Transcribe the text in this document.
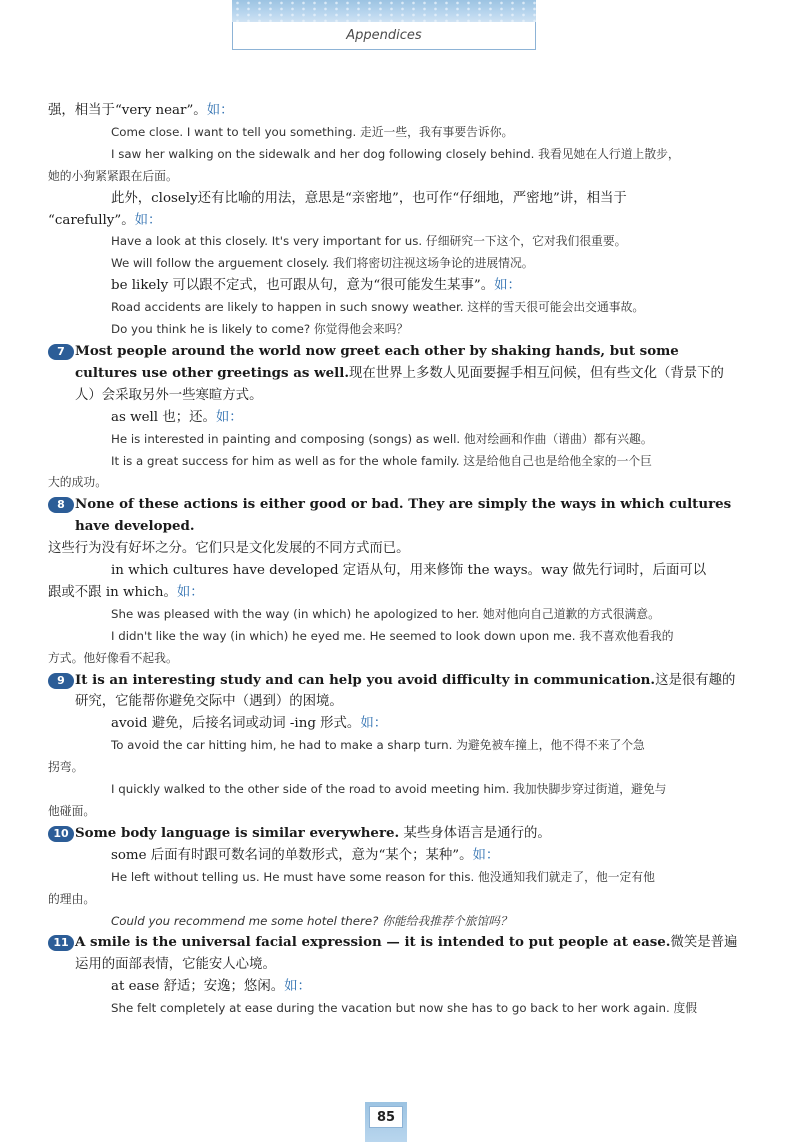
Appendices

强，相当于“very near”。如：

Come close. I want to tell you something. 走近一些，我有事要告诉你。

I saw her walking on the sidewalk and her dog following closely behind. 我看见她在人行道上散步，
她的小狗紧紧跟在后面。

此外，closely还有比喻的用法，意思是“亲密地”，也可作“仔细地，严密地”讲，相当于

“carefully”。如：

Have a look at this closely. It's very important for us. 仔细研究一下这个，它对我们很重要。

We will follow the arguement closely. 我们将密切注视这场争论的进展情况。

be likely 可以跟不定式，也可跟从句，意为“很可能发生某事”。如：

Road accidents are likely to happen in such snowy weather. 这样的雪天很可能会出交通事故。

Do you think he is likely to come? 你觉得他会来吗？

7 Most people around the world now greet each other by shaking hands, but some cultures use other greetings as well.现在世界上多数人见面要握手相互问候，但有些文化（背景下的人）会采取另外一些寒暄方式。

as well 也；还。如：

He is interested in painting and composing (songs) as well. 他对绘画和作曲（谱曲）都有兴趣。

It is a great success for him as well as for the whole family. 这是给他自己也是给他全家的一个巨
大的成功。

8 None of these actions is either good or bad. They are simply the ways in which cultures have developed.
这些行为没有好坏之分。它们只是文化发展的不同方式而已。

in which cultures have developed 定语从句，用来修饰 the ways。way 做先行词时，后面可以

跟或不跟 in which。如：

She was pleased with the way (in which) he apologized to her. 她对他向自己道歉的方式很满意。

I didn't like the way (in which) he eyed me. He seemed to look down upon me. 我不喜欢他看我的
方式。他好像看不起我。

9 It is an interesting study and can help you avoid difficulty in communication.这是很有趣的研究，它能帮你避免交际中（遇到）的困境。

avoid 避免，后接名词或动词 -ing 形式。如：

To avoid the car hitting him, he had to make a sharp turn. 为避免被车撞上，他不得不来了个急
拐弯。

I quickly walked to the other side of the road to avoid meeting him. 我加快脚步穿过街道，避免与
他碰面。

10 Some body language is similar everywhere. 某些身体语言是通行的。

some 后面有时跟可数名词的单数形式，意为“某个；某种”。如：

He left without telling us. He must have some reason for this. 他没通知我们就走了，他一定有他
的理由。

Could you recommend me some hotel there? 你能给我推荐个旅馆吗？

11 A smile is the universal facial expression — it is intended to put people at ease.微笑是普遍运用的面部表情，它能安人心境。

at ease 舒适；安逸；悠闲。如：

She felt completely at ease during the vacation but now she has to go back to her work again. 度假

85
